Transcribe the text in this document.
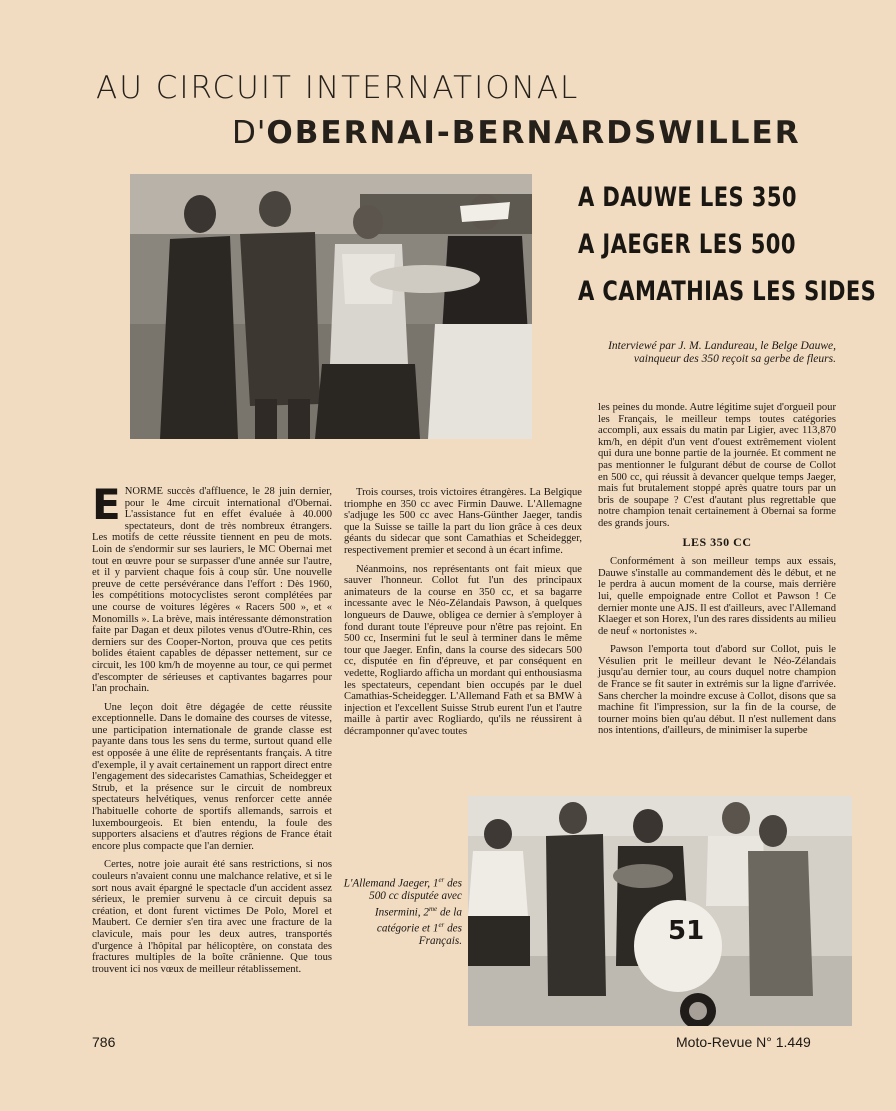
AU CIRCUIT INTERNATIONAL
D'OBERNAI-BERNARDSWILLER
A DAUWE LES 350
A JAEGER LES 500
A CAMATHIAS LES SIDES
Interviewé par J. M. Landureau, le Belge Dauwe, vainqueur des 350 reçoit sa gerbe de fleurs.

ENORME succès d'affluence, le 28 juin dernier, pour le 4me circuit international d'Obernai. L'assistance fut en effet évaluée à 40.000 spectateurs, dont de très nombreux étrangers. Les motifs de cette réussite tiennent en peu de mots. Loin de s'endormir sur ses lauriers, le MC Obernai met tout en œuvre pour se surpasser d'une année sur l'autre, et il y parvient chaque fois à coup sûr. Une nouvelle preuve de cette persévérance dans l'effort : Dès 1960, les compétitions motocyclistes seront complétées par une course de voitures légères « Racers 500 », et « Monomills ». La brève, mais intéressante démonstration faite par Dagan et deux pilotes venus d'Outre-Rhin, ces derniers sur des Cooper-Norton, prouva que ces petits bolides étaient capables de dépasser nettement, sur ce circuit, les 100 km/h de moyenne au tour, ce qui permet d'escompter de sérieuses et captivantes bagarres pour l'an prochain.

Une leçon doit être dégagée de cette réussite exceptionnelle. Dans le domaine des courses de vitesse, une participation internationale de grande classe est payante dans tous les sens du terme, surtout quand elle est opposée à une élite de représentants français. A titre d'exemple, il y avait certainement un rapport direct entre l'engagement des sidecaristes Camathias, Scheidegger et Strub, et la présence sur le circuit de nombreux spectateurs helvétiques, venus renforcer cette année l'habituelle cohorte de sportifs allemands, sarrois et luxembourgeois. Et bien entendu, la foule des supporters alsaciens et d'autres régions de France était encore plus compacte que l'an dernier.

Certes, notre joie aurait été sans restrictions, si nos couleurs n'avaient connu une malchance relative, et si le sort nous avait épargné le spectacle d'un accident assez sérieux, le premier survenu à ce circuit depuis sa création, et dont furent victimes De Polo, Morel et Maubert. Ce dernier s'en tira avec une fracture de la clavicule, mais pour les deux autres, transportés d'urgence à l'hôpital par hélicoptère, on constata des fractures multiples de la boîte crânienne. Que tous trouvent ici nos vœux de meilleur rétablissement.

Trois courses, trois victoires étrangères. La Belgique triomphe en 350 cc avec Firmin Dauwe. L'Allemagne s'adjuge les 500 cc avec Hans-Günther Jaeger, tandis que la Suisse se taille la part du lion grâce à ces deux géants du sidecar que sont Camathias et Scheidegger, respectivement premier et second à un écart infime.

Néanmoins, nos représentants ont fait mieux que sauver l'honneur. Collot fut l'un des principaux animateurs de la course en 350 cc, et sa bagarre incessante avec le Néo-Zélandais Pawson, à quelques longueurs de Dauwe, obligea ce dernier à s'employer à fond durant toute l'épreuve pour n'être pas rejoint. En 500 cc, Insermini fut le seul à terminer dans le même tour que Jaeger. Enfin, dans la course des sidecars 500 cc, disputée en fin d'épreuve, et par conséquent en vedette, Rogliardo afficha un mordant qui enthousiasma les spectateurs, cependant bien occupés par le duel Camathias-Scheidegger. L'Allemand Fath et sa BMW à injection et l'excellent Suisse Strub eurent l'un et l'autre maille à partir avec Rogliardo, qu'ils ne réussirent à décramponner qu'avec toutes

les peines du monde. Autre légitime sujet d'orgueil pour les Français, le meilleur temps toutes catégories accompli, aux essais du matin par Ligier, avec 113,870 km/h, en dépit d'un vent d'ouest extrêmement violent qui dura une bonne partie de la journée. Et comment ne pas mentionner le fulgurant début de course de Collot en 500 cc, qui réussit à devancer quelque temps Jaeger, mais fut brutalement stoppé après quatre tours par un bris de soupape ? C'est d'autant plus regrettable que notre champion tenait certainement à Obernai sa forme des grands jours.

LES 350 CC

Conformément à son meilleur temps aux essais, Dauwe s'installe au commandement dès le début, et ne le perdra à aucun moment de la course, mais derrière lui, quelle empoignade entre Collot et Pawson ! Ce dernier monte une AJS. Il est d'ailleurs, avec l'Allemand Klaeger et son Horex, l'un des rares dissidents au milieu de neuf « nortonistes ».

Pawson l'emporta tout d'abord sur Collot, puis le Vésulien prit le meilleur devant le Néo-Zélandais jusqu'au dernier tour, au cours duquel notre champion de France se fit sauter in extrémis sur la ligne d'arrivée. Sans chercher la moindre excuse à Collot, disons que sa machine fit l'impression, sur la fin de la course, de tourner moins bien qu'au début. Il n'est nullement dans nos intentions, d'ailleurs, de minimiser la superbe

51
L'Allemand Jaeger, 1er des 500 cc disputée avec Insermini, $2^{me}$ de la catégorie et 1er des Français.
786	Moto-Revue N° 1.449
